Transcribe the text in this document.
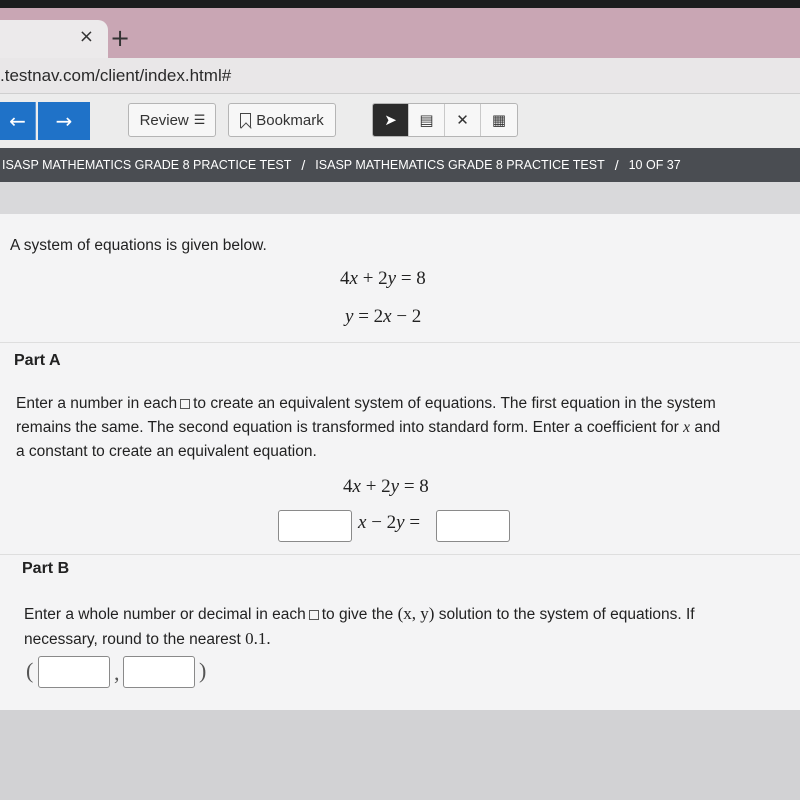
× +
.testnav.com/client/index.html#
← →	Review ☰	Bookmark	➤ ▤ ✕ ▦
ISASP MATHEMATICS GRADE 8 PRACTICE TEST / ISASP MATHEMATICS GRADE 8 PRACTICE TEST / 10 OF 37
A system of equations is given below.
4x + 2y = 8
y = 2x − 2
Part A
Enter a number in each to create an equivalent system of equations. The first equation in the system
remains the same. The second equation is transformed into standard form. Enter a coefficient for x and
a constant to create an equivalent equation.
4x + 2y = 8
x − 2y =
Part B
Enter a whole number or decimal in each to give the (x, y) solution to the system of equations. If
necessary, round to the nearest 0.1.
(	,	)
